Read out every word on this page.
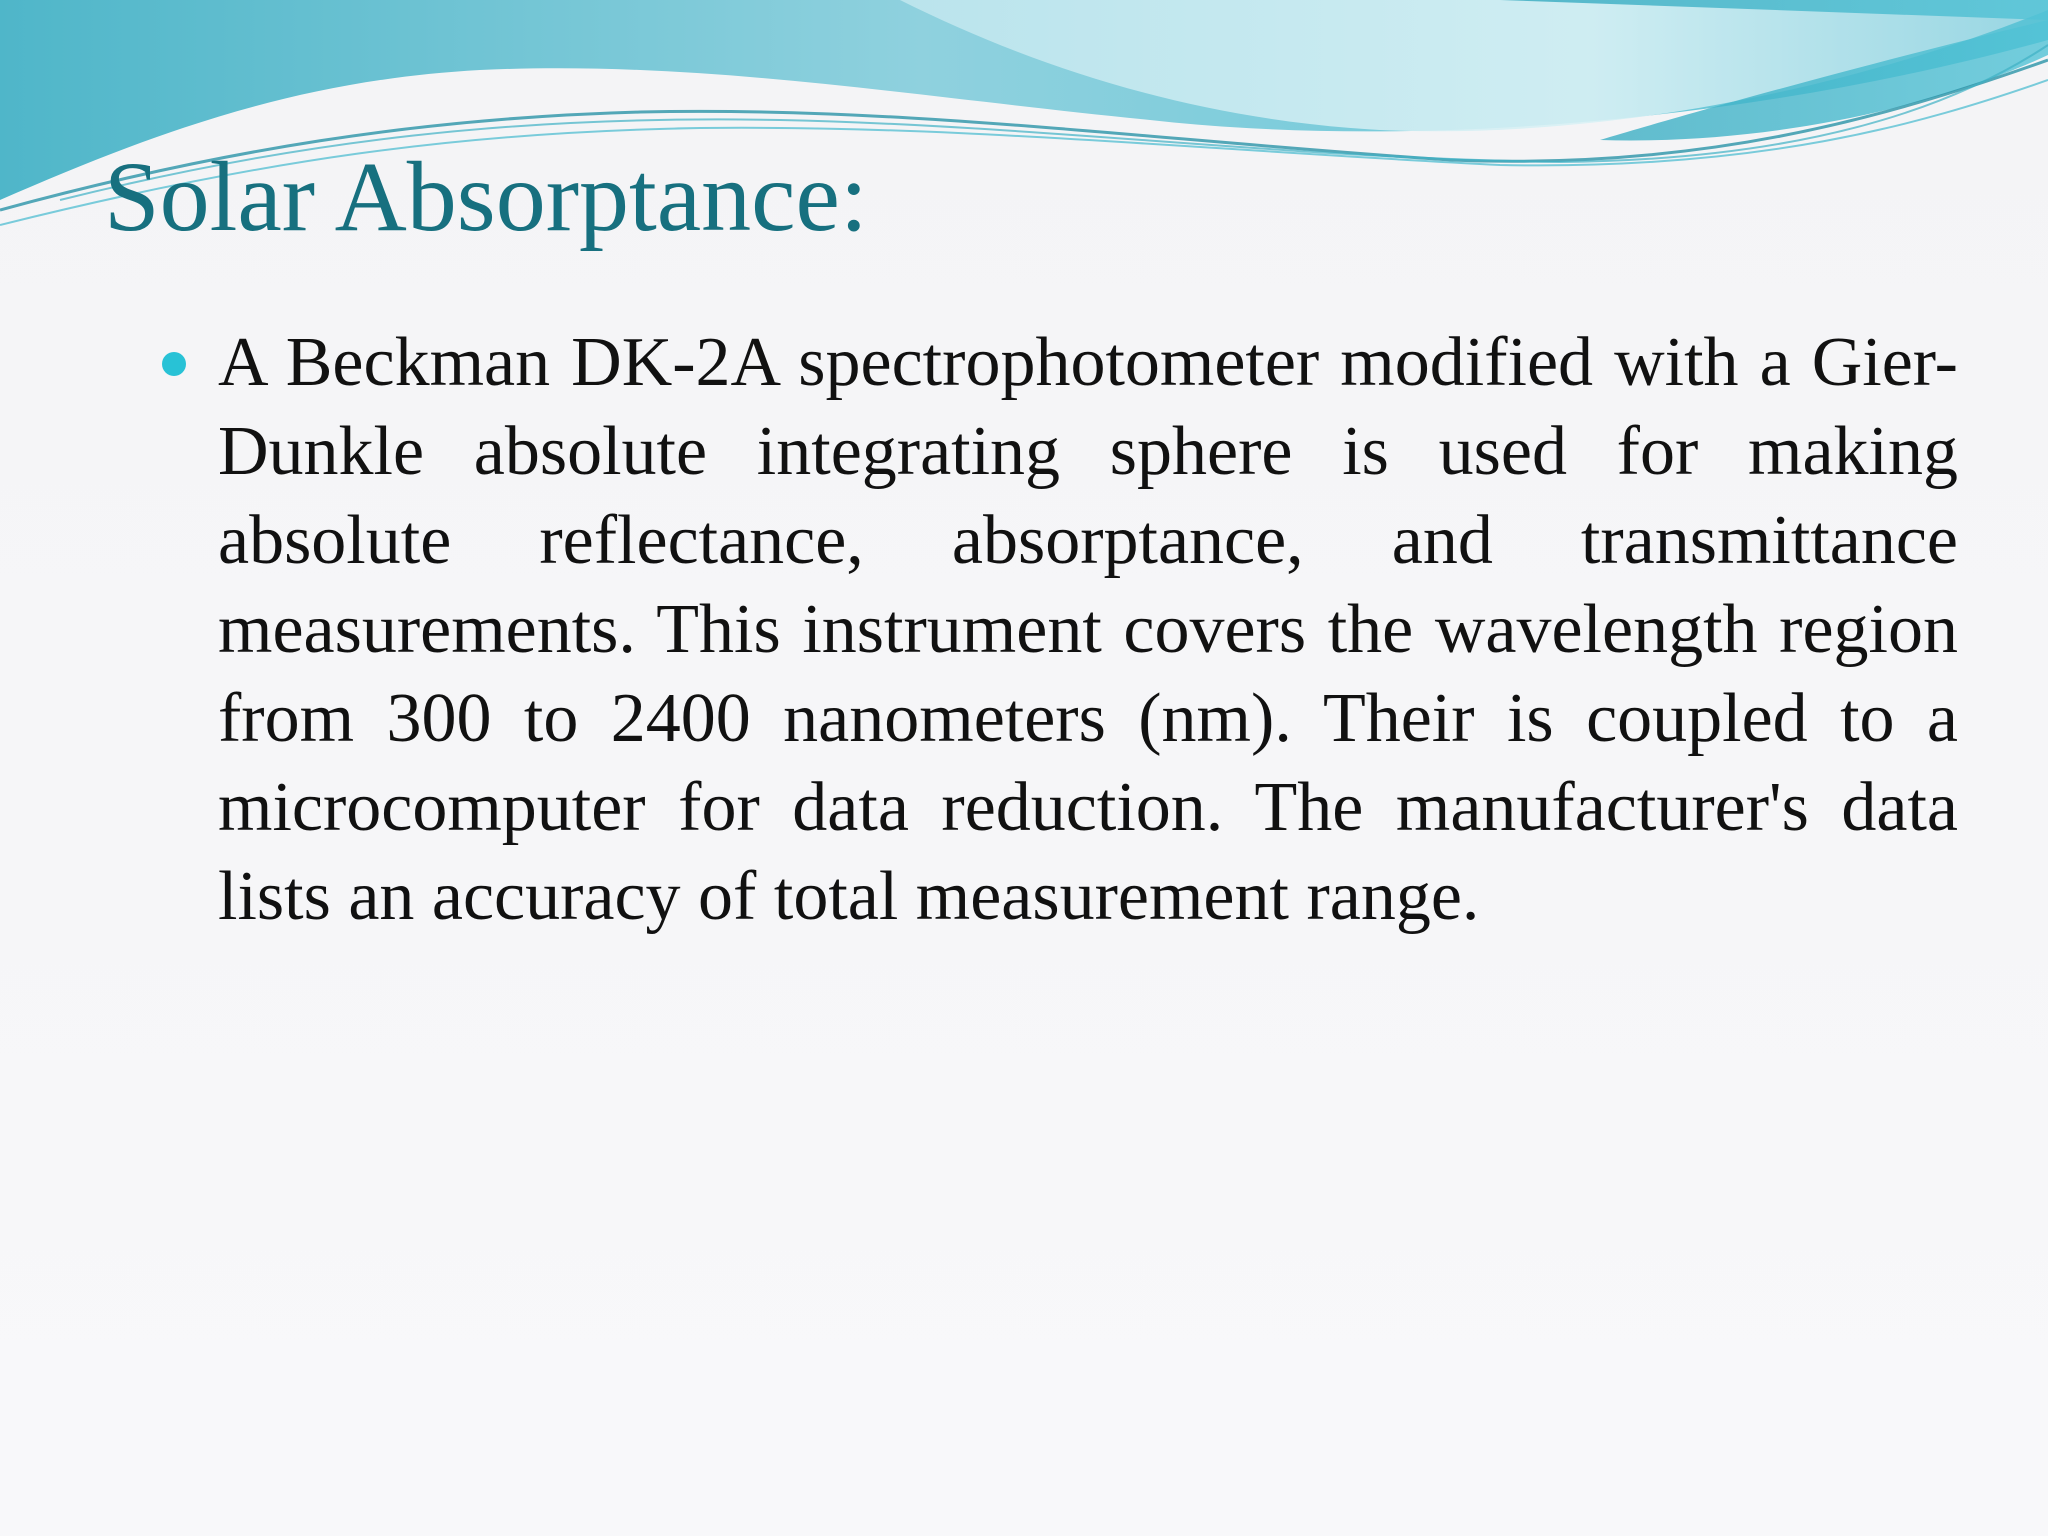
Solar Absorptance:

A Beckman DK-2A spectrophotometer modified with a Gier-Dunkle absolute integrating sphere is used for making absolute reflectance, absorptance, and transmittance measurements. This instrument covers the wavelength region from 300 to 2400 nanometers (nm). Their is coupled to a microcomputer for data reduction. The manufacturer's data lists an accuracy of total measurement range.
